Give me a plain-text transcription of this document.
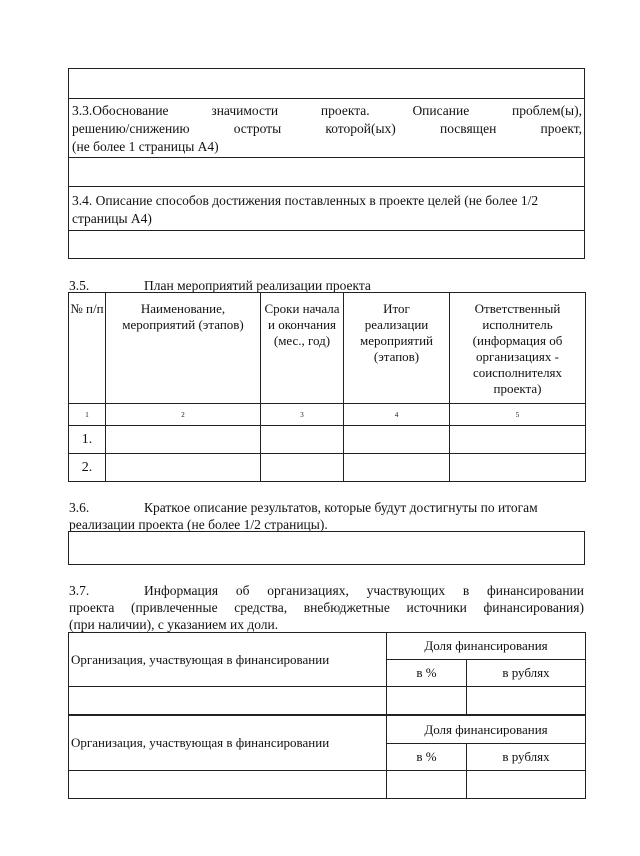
3.3.Обоснование значимости проекта. Описание проблем(ы),
решению/снижению остроты которой(ых) посвящен проект,
(не более 1 страницы А4)
3.4. Описание способов достижения поставленных в проекте целей (не более 1/2
страницы А4)
3.5.	План мероприятий реализации проекта
№ п/п	Наименование, мероприятий (этапов)	Сроки начала и окончания (мес., год)	Итог реализации мероприятий (этапов)	Ответственный исполнитель (информация об организациях - соисполнителях проекта)
1	2	3	4	5
1.				
2.				
3.6.	Краткое описание результатов, которые будут достигнуты по итогам
реализации проекта (не более 1/2 страницы).
3.7.	Информация об организациях, участвующих в финансировании
проекта (привлеченные средства, внебюджетные источники финансирования)
(при наличии), с указанием их доли.
Организация, участвующая в финансировании	Доля финансирования	
	в %	в рублях

Организация, участвующая в финансировании	Доля финансирования	
	в %	в рублях
